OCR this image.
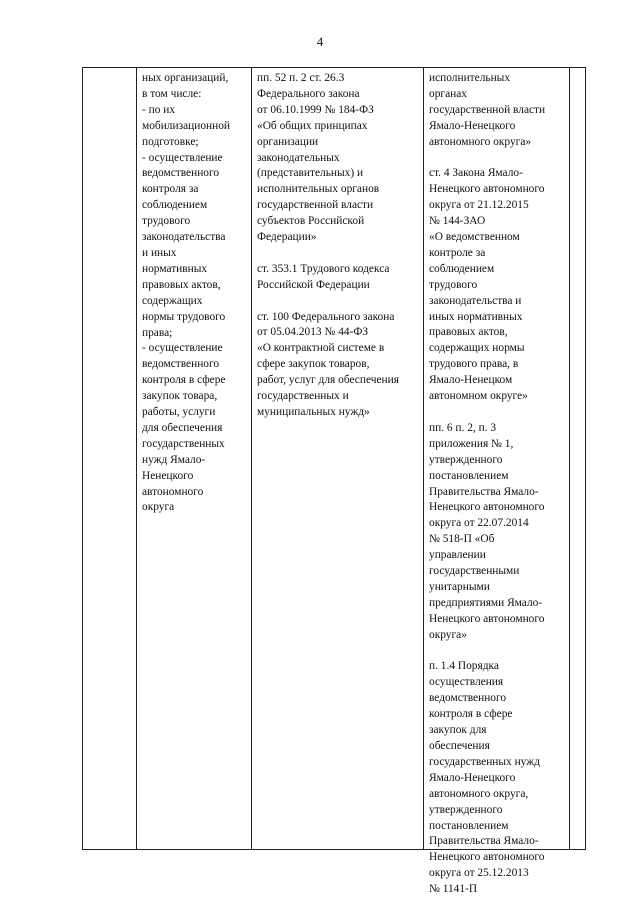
4
ных организаций,
в том числе:
- по их
мобилизационной
подготовке;
- осуществление
ведомственного
контроля за
соблюдением
трудового
законодательства
и иных
нормативных
правовых актов,
содержащих
нормы трудового
права;
- осуществление
ведомственного
контроля в сфере
закупок товара,
работы, услуги
для обеспечения
государственных
нужд Ямало-
Ненецкого
автономного
округа
пп. 52 п. 2 ст. 26.3
Федерального закона
от 06.10.1999 № 184-ФЗ
«Об общих принципах
организации
законодательных
(представительных) и
исполнительных органов
государственной власти
субъектов Российской
Федерации»
ст. 353.1 Трудового кодекса
Российской Федерации
ст. 100 Федерального закона
от 05.04.2013 № 44-ФЗ
«О контрактной системе в
сфере закупок товаров,
работ, услуг для обеспечения
государственных и
муниципальных нужд»
исполнительных
органах
государственной власти
Ямало-Ненецкого
автономного округа»
ст. 4 Закона Ямало-
Ненецкого автономного
округа от 21.12.2015
№ 144-ЗАО
«О ведомственном
контроле за
соблюдением
трудового
законодательства и
иных нормативных
правовых актов,
содержащих нормы
трудового права, в
Ямало-Ненецком
автономном округе»
пп. 6 п. 2, п. 3
приложения № 1,
утвержденного
постановлением
Правительства Ямало-
Ненецкого автономного
округа от 22.07.2014
№ 518-П «Об
управлении
государственными
унитарными
предприятиями Ямало-
Ненецкого автономного
округа»
п. 1.4 Порядка
осуществления
ведомственного
контроля в сфере
закупок для
обеспечения
государственных нужд
Ямало-Ненецкого
автономного округа,
утвержденного
постановлением
Правительства Ямало-
Ненецкого автономного
округа от 25.12.2013
№ 1141-П
